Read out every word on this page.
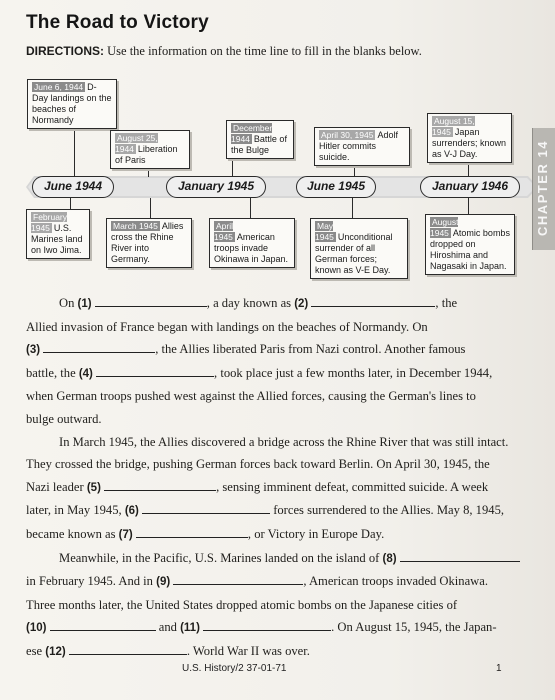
The Road to Victory
DIRECTIONS: Use the information on the time line to fill in the blanks below.
June 1944	January 1945	June 1945	January 1946
June 6, 1944 D-Day landings on the beaches of Normandy
August 25, 1944 Liberation of Paris
December 1944 Battle of the Bulge
April 30, 1945 Adolf Hitler commits suicide.
August 15, 1945 Japan surrenders; known as V-J Day.
February 1945 U.S. Marines land on Iwo Jima.
March 1945 Allies cross the Rhine River into Germany.
April 1945 American troops invade Okinawa in Japan.
May 1945 Unconditional surrender of all German forces; known as V-E Day.
August 1945 Atomic bombs dropped on Hiroshima and Nagasaki in Japan.
CHAPTER 14

On (1)	, a day known as (2)	, the
Allied invasion of France began with landings on the beaches of Normandy. On
(3)	, the Allies liberated Paris from Nazi control. Another famous
battle, the (4)	, took place just a few months later, in December 1944,
when German troops pushed west against the Allied forces, causing the German's lines to
bulge outward.

In March 1945, the Allies discovered a bridge across the Rhine River that was still intact.
They crossed the bridge, pushing German forces back toward Berlin. On April 30, 1945, the
Nazi leader (5)	, sensing imminent defeat, committed suicide. A week
later, in May 1945, (6)	forces surrendered to the Allies. May 8, 1945,
became known as (7)	, or Victory in Europe Day.

Meanwhile, in the Pacific, U.S. Marines landed on the island of (8)
in February 1945. And in (9)	, American troops invaded Okinawa.
Three months later, the United States dropped atomic bombs on the Japanese cities of
(10)	and (11)	. On August 15, 1945, the Japan-
ese (12)	. World War II was over.

U.S. History/2 37-01-71	1
